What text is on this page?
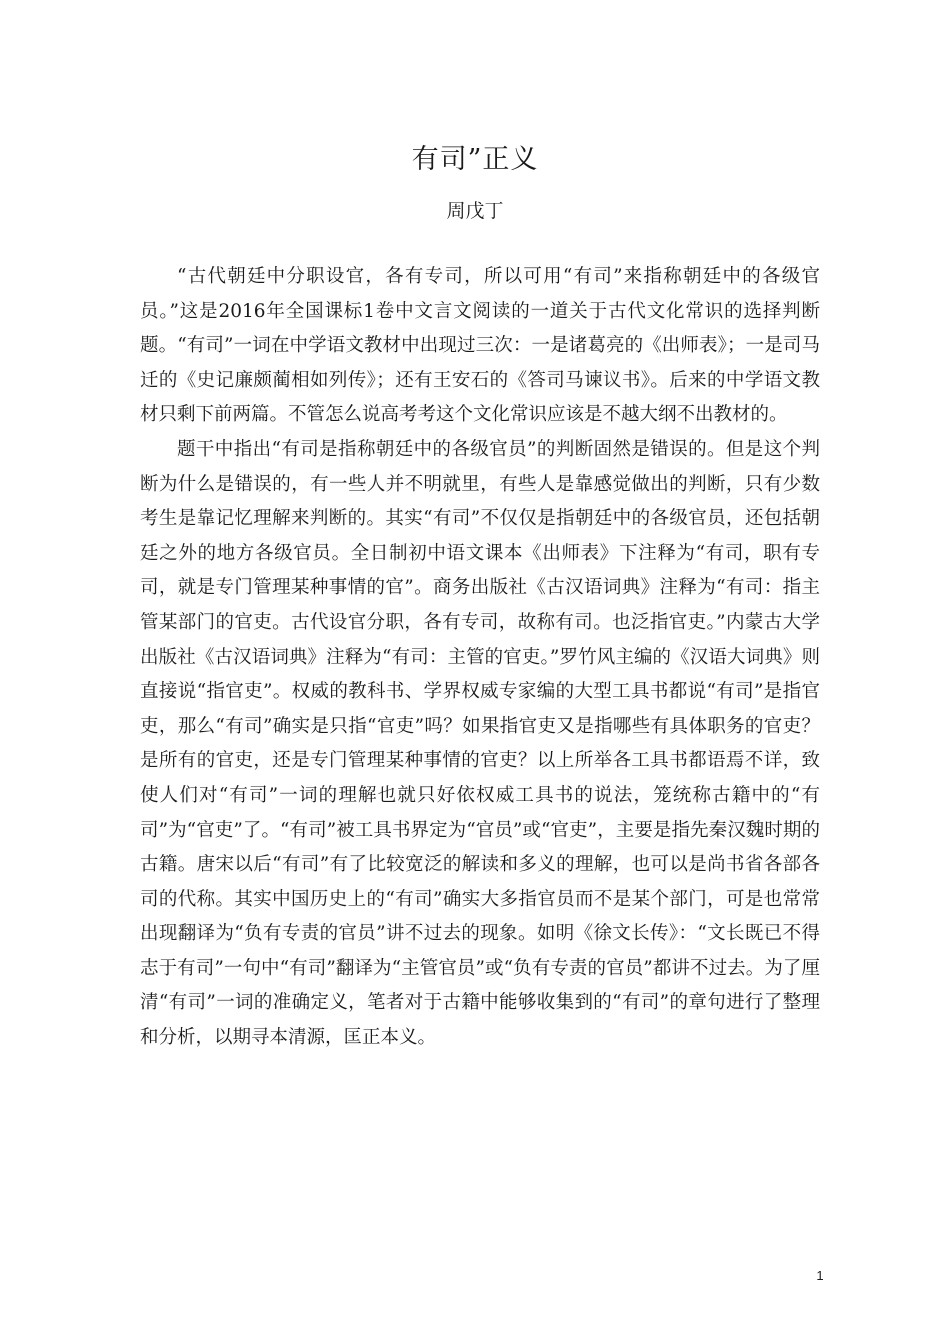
有司”正义
周戊丁

“古代朝廷中分职设官，各有专司，所以可用“有司”来指称朝廷中的各级官员。”这是2016年全国课标1卷中文言文阅读的一道关于古代文化常识的选择判断题。“有司”一词在中学语文教材中出现过三次：一是诸葛亮的《出师表》；一是司马迁的《史记廉颇蔺相如列传》；还有王安石的《答司马谏议书》。后来的中学语文教材只剩下前两篇。不管怎么说高考考这个文化常识应该是不越大纲不出教材的。

题干中指出“有司是指称朝廷中的各级官员”的判断固然是错误的。但是这个判断为什么是错误的，有一些人并不明就里，有些人是靠感觉做出的判断，只有少数考生是靠记忆理解来判断的。其实“有司”不仅仅是指朝廷中的各级官员，还包括朝廷之外的地方各级官员。全日制初中语文课本《出师表》下注释为“有司，职有专司，就是专门管理某种事情的官”。商务出版社《古汉语词典》注释为“有司：指主管某部门的官吏。古代设官分职，各有专司，故称有司。也泛指官吏。”内蒙古大学出版社《古汉语词典》注释为“有司：主管的官吏。”罗竹风主编的《汉语大词典》则直接说“指官吏”。权威的教科书、学界权威专家编的大型工具书都说“有司”是指官吏，那么“有司”确实是只指“官吏”吗？如果指官吏又是指哪些有具体职务的官吏？是所有的官吏，还是专门管理某种事情的官吏？以上所举各工具书都语焉不详，致使人们对“有司”一词的理解也就只好依权威工具书的说法，笼统称古籍中的“有司”为“官吏”了。“有司”被工具书界定为“官员”或“官吏”，主要是指先秦汉魏时期的古籍。唐宋以后“有司”有了比较宽泛的解读和多义的理解，也可以是尚书省各部各司的代称。其实中国历史上的“有司”确实大多指官员而不是某个部门，可是也常常出现翻译为“负有专责的官员”讲不过去的现象。如明《徐文长传》：“文长既已不得志于有司”一句中“有司”翻译为“主管官员”或“负有专责的官员”都讲不过去。为了厘清“有司”一词的准确定义，笔者对于古籍中能够收集到的“有司”的章句进行了整理和分析，以期寻本清源，匡正本义。

1
